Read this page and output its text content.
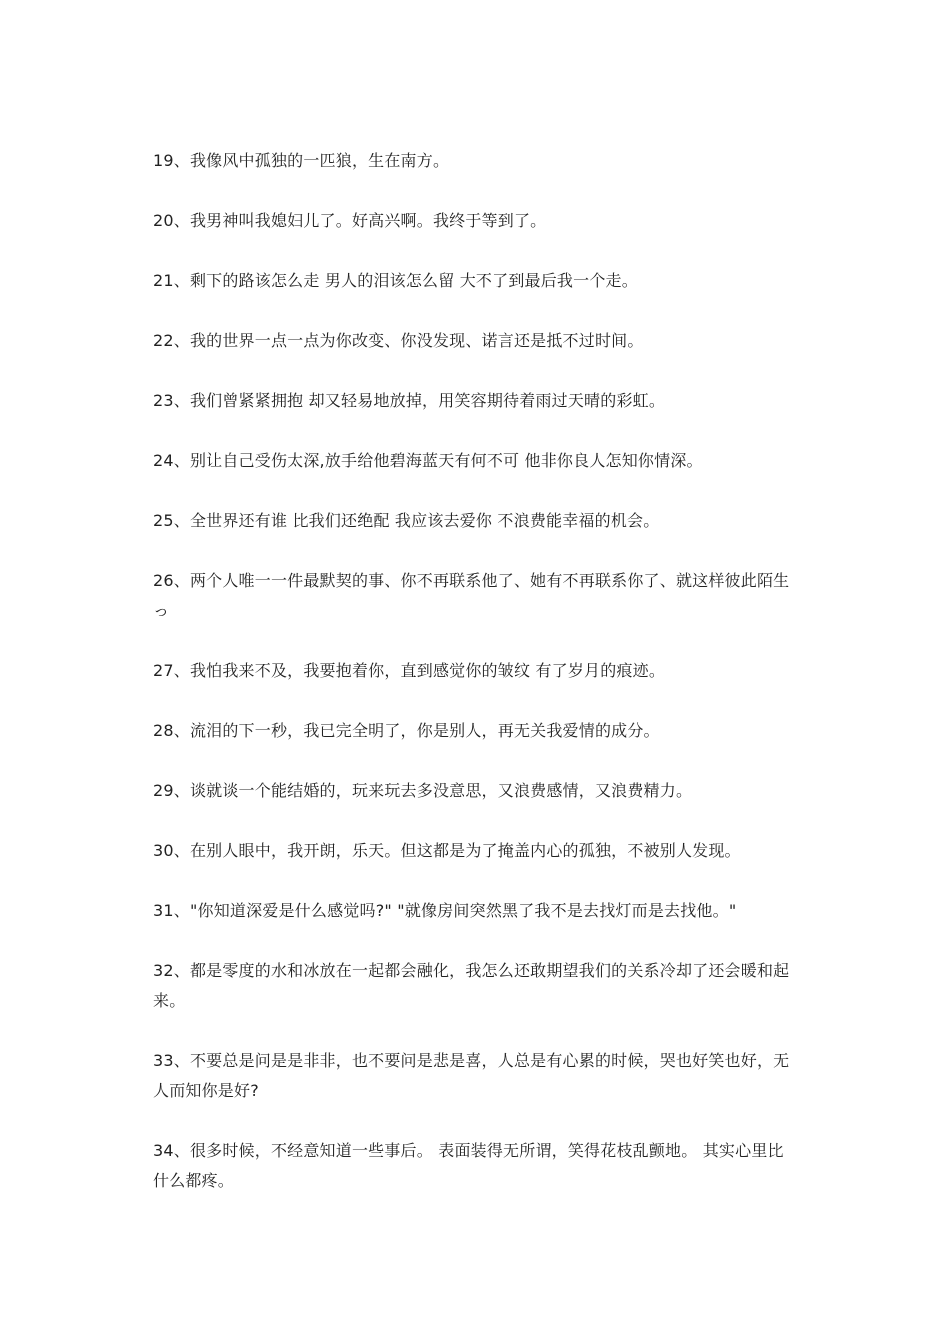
19、我像风中孤独的一匹狼，生在南方。

20、我男神叫我媳妇儿了。好高兴啊。我终于等到了。

21、剩下的路该怎么走 男人的泪该怎么留 大不了到最后我一个走。

22、我的世界一点一点为你改变、你没发现、诺言还是抵不过时间。

23、我们曾紧紧拥抱 却又轻易地放掉，用笑容期待着雨过天晴的彩虹。

24、别让自己受伤太深,放手给他碧海蓝天有何不可 他非你良人怎知你情深。

25、全世界还有谁 比我们还绝配 我应该去爱你 不浪费能幸福的机会。

26、两个人唯一一件最默契的事、你不再联系他了、她有不再联系你了、就这样彼此陌生っ

27、我怕我来不及，我要抱着你，直到感觉你的皱纹 有了岁月的痕迹。

28、流泪的下一秒，我已完全明了，你是别人，再无关我爱情的成分。

29、谈就谈一个能结婚的，玩来玩去多没意思，又浪费感情，又浪费精力。

30、在别人眼中，我开朗，乐天。但这都是为了掩盖内心的孤独，不被别人发现。

31、"你知道深爱是什么感觉吗?" "就像房间突然黑了我不是去找灯而是去找他。"

32、都是零度的水和冰放在一起都会融化，我怎么还敢期望我们的关系冷却了还会暖和起来。

33、不要总是问是是非非，也不要问是悲是喜，人总是有心累的时候，哭也好笑也好，无人而知你是好?

34、很多时候，不经意知道一些事后。 表面装得无所谓，笑得花枝乱颤地。 其实心里比什么都疼。
